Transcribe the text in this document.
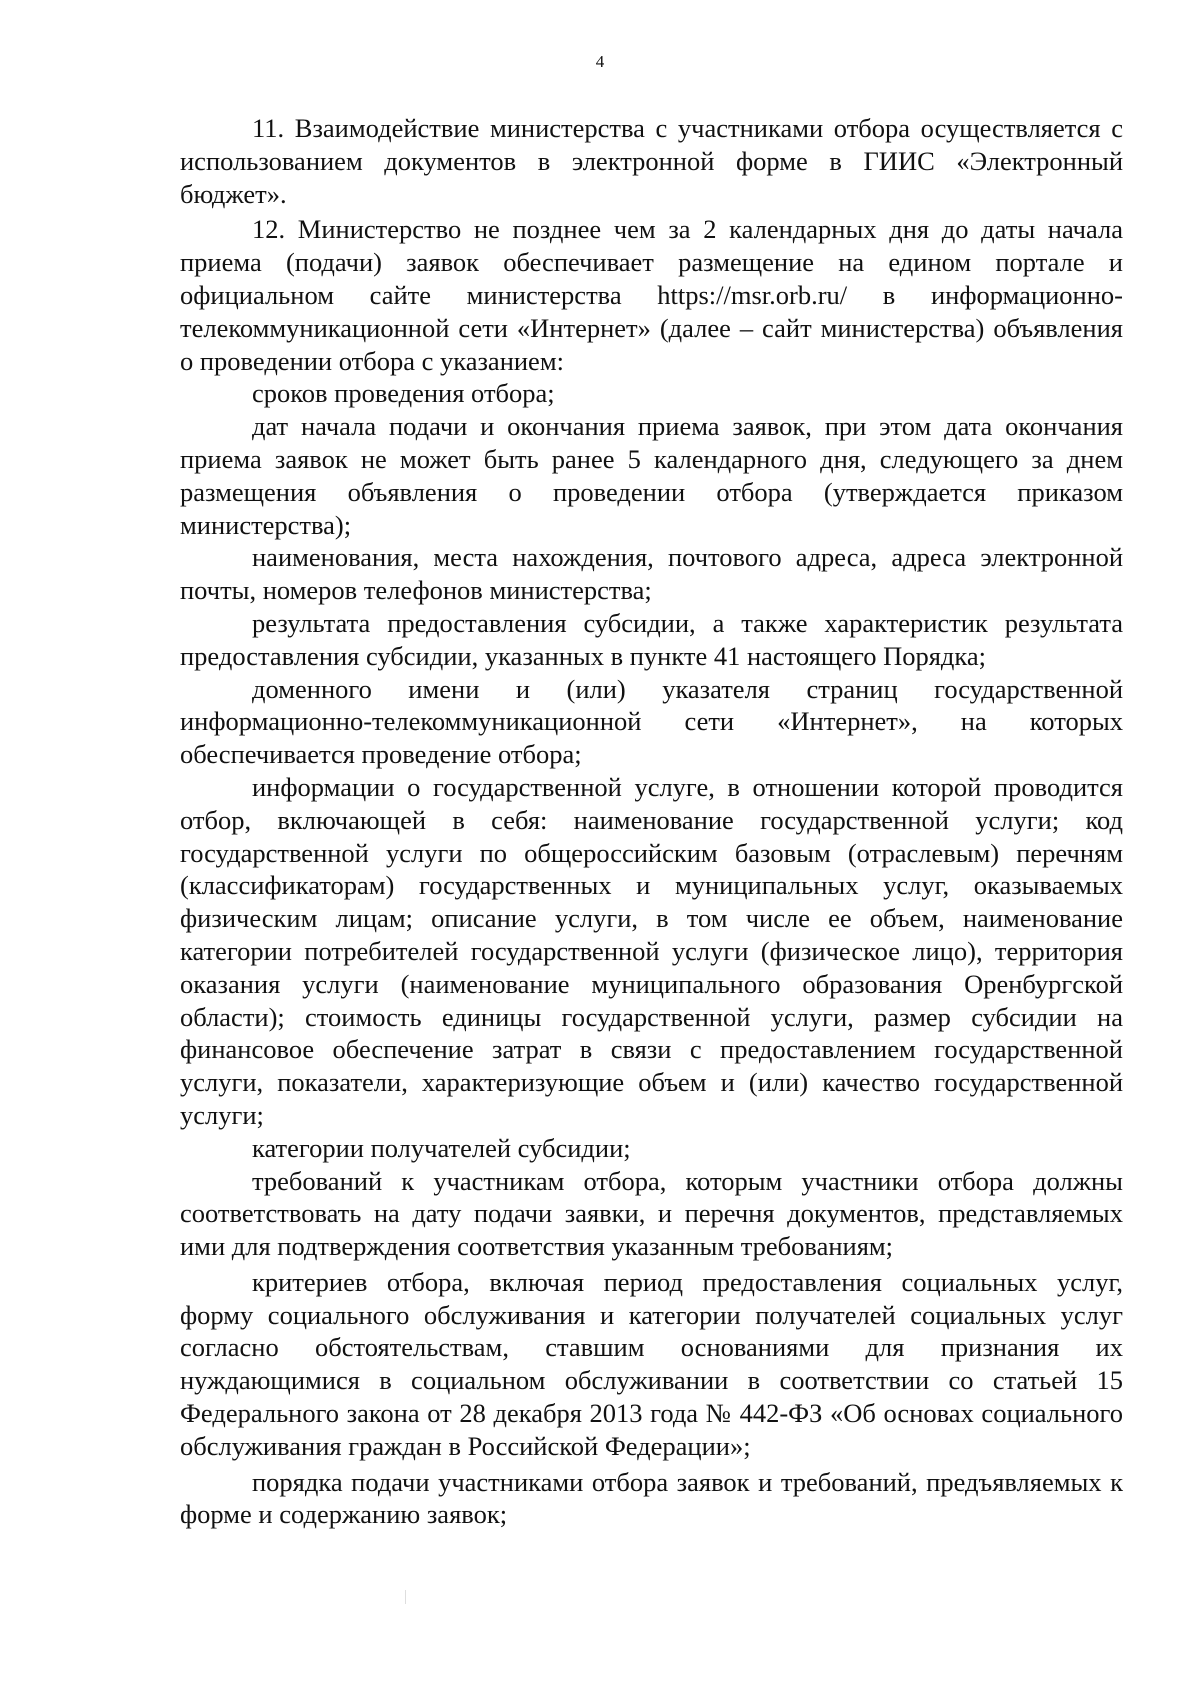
4

11. Взаимодействие министерства с участниками отбора осуществляется с использованием документов в электронной форме в ГИИС «Электронный бюджет».

12. Министерство не позднее чем за 2 календарных дня до даты начала приема (подачи) заявок обеспечивает размещение на едином портале и официальном сайте министерства https://msr.orb.ru/ в информационно-телекоммуникационной сети «Интернет» (далее – сайт министерства) объявления о проведении отбора с указанием:

сроков проведения отбора;

дат начала подачи и окончания приема заявок, при этом дата окончания приема заявок не может быть ранее 5 календарного дня, следующего за днем размещения объявления о проведении отбора (утверждается приказом министерства);

наименования, места нахождения, почтового адреса, адреса электронной почты, номеров телефонов министерства;

результата предоставления субсидии, а также характеристик результата предоставления субсидии, указанных в пункте 41 настоящего Порядка;

доменного имени и (или) указателя страниц государственной информационно-телекоммуникационной сети «Интернет», на которых обеспечивается проведение отбора;

информации о государственной услуге, в отношении которой проводится отбор, включающей в себя: наименование государственной услуги; код государственной услуги по общероссийским базовым (отраслевым) перечням (классификаторам) государственных и муниципальных услуг, оказываемых физическим лицам; описание услуги, в том числе ее объем, наименование категории потребителей государственной услуги (физическое лицо), территория оказания услуги (наименование муниципального образования Оренбургской области); стоимость единицы государственной услуги, размер субсидии на финансовое обеспечение затрат в связи с предоставлением государственной услуги, показатели, характеризующие объем и (или) качество государственной услуги;

категории получателей субсидии;

требований к участникам отбора, которым участники отбора должны соответствовать на дату подачи заявки, и перечня документов, представляемых ими для подтверждения соответствия указанным требованиям;

критериев отбора, включая период предоставления социальных услуг, форму социального обслуживания и категории получателей социальных услуг согласно обстоятельствам, ставшим основаниями для признания их нуждающимися в социальном обслуживании в соответствии со статьей 15 Федерального закона от 28 декабря 2013 года № 442-ФЗ «Об основах социального обслуживания граждан в Российской Федерации»;

порядка подачи участниками отбора заявок и требований, предъявляемых к форме и содержанию заявок;
